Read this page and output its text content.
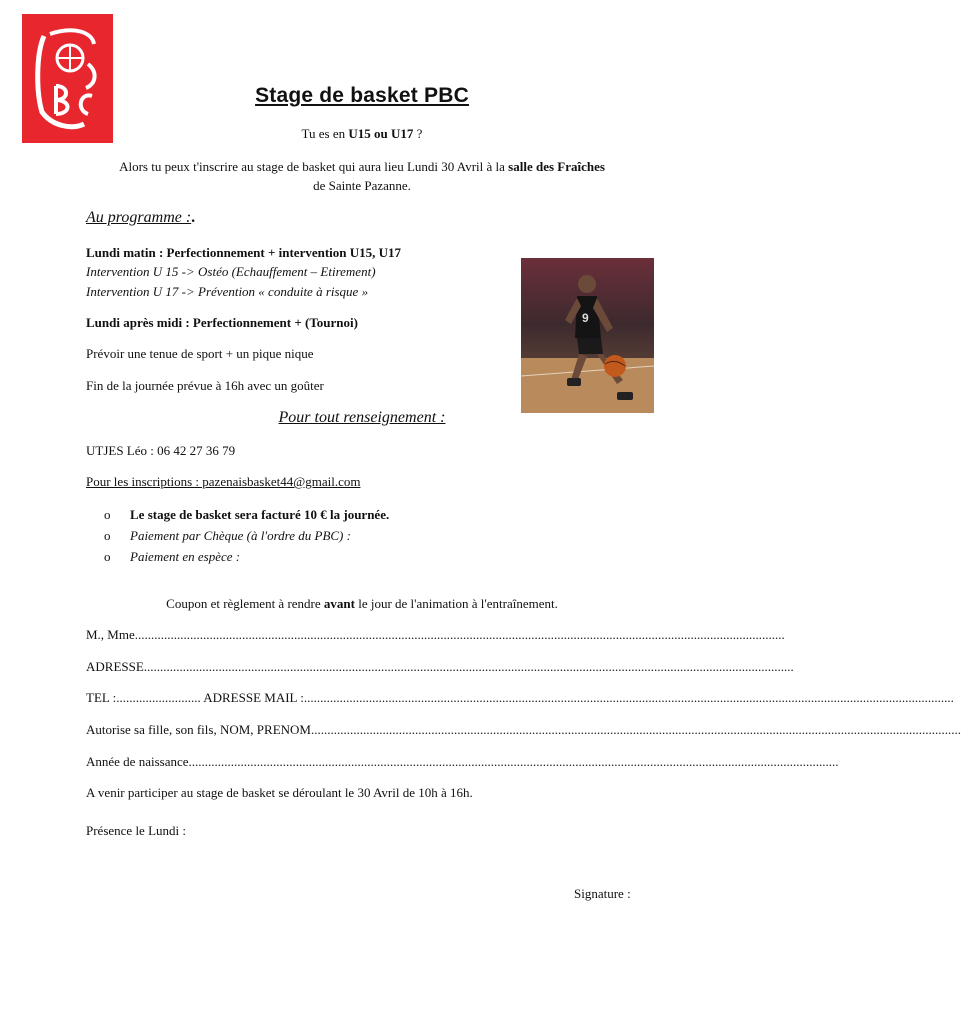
Stage de basket PBC
Tu es en U15 ou U17 ?
Alors tu peux t'inscrire au stage de basket qui aura lieu Lundi 30 Avril à la salle des Fraîches
de Sainte Pazanne.
Au programme :.
Lundi matin : Perfectionnement + intervention U15, U17
Intervention U 15 -> Ostéo (Echauffement – Etirement)
Intervention U 17 -> Prévention « conduite à risque »
Lundi après midi : Perfectionnement + (Tournoi)
Prévoir une tenue de sport + un pique nique
Fin de la journée prévue à 16h avec un goûter
9
Pour tout renseignement :
UTJES Léo : 06 42 27 36 79
Pour les inscriptions : pazenaisbasket44@gmail.com
o Le stage de basket sera facturé 10 € la journée.
o Paiement par Chèque (à l'ordre du PBC) :
o Paiement en espèce :
Coupon et règlement à rendre avant le jour de l'animation à l'entraînement.
M., Mme........................................................................................................................................................................................................
ADRESSE........................................................................................................................................................................................................
TEL :.......................... ADRESSE MAIL :........................................................................................................................................................................................................
Autorise sa fille, son fils, NOM, PRENOM........................................................................................................................................................................................................
Année de naissance........................................................................................................................................................................................................
A venir participer au stage de basket se déroulant le 30 Avril de 10h à 16h.
Présence le Lundi :
Signature :
